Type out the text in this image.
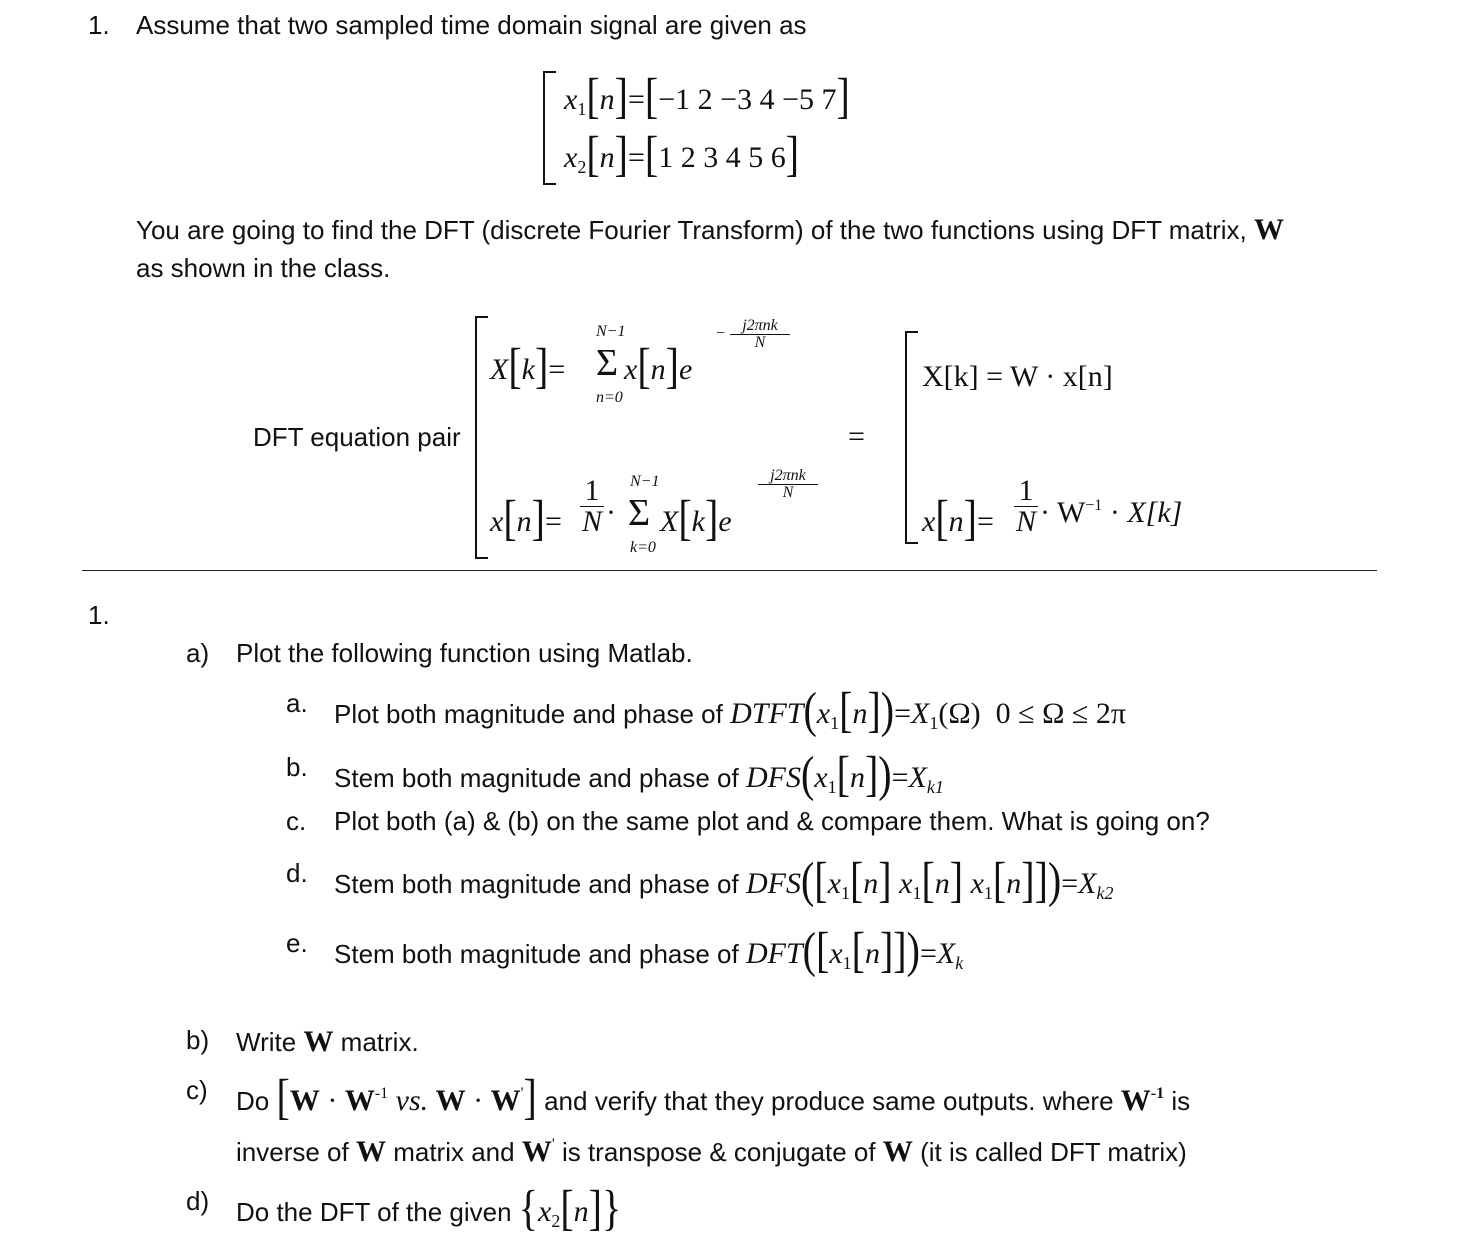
1. Assume that two sampled time domain signal are given as
$x_1[n]=[-1$ 2 −3 4 −5 7]
$x_2[n]=[1$ 2 3 4 5 6]
You are going to find the DFT (discrete Fourier Transform) of the two functions using DFT matrix, W
as shown in the class.
DFT equation pair
X[k]=
N−1
Σ
n=0
x[n]e
−	j2πnk
N
x[n]=
1
N ·
N−1
Σ
k=0
X[k]e
j2πnk
N
=
X[k] = W · x[n]
x[n]=
1
$N \cdot W^{-1} \cdot X[k]$
1.
a) Plot the following function using Matlab.
a. Plot both magnitude and phase of $DTFT(x_1[n])=X_1(\Omega) 0 \le \Omega \le 2\pi$
b. Stem both magnitude and phase of $DFS(x_1[n])=X_{k1}$
c. Plot both (a) & (b) on the same plot and & compare them. What is going on?
d. Stem both magnitude and phase of $DFS([x_1[n]$ $x_1[n]$ $x_1[n]])=X_{k2}$
e. Stem both magnitude and phase of $DFT([x_1[n]])=X_k$
b) Write W matrix.
c) Do [$W \cdot W^{-1}$ vs. W · W'] and verify that they produce same outputs. where $W^{-1}$ is
inverse of W matrix and W' is transpose & conjugate of W (it is called DFT matrix)
d) Do the DFT of the given $\{x_2[n]\}$
